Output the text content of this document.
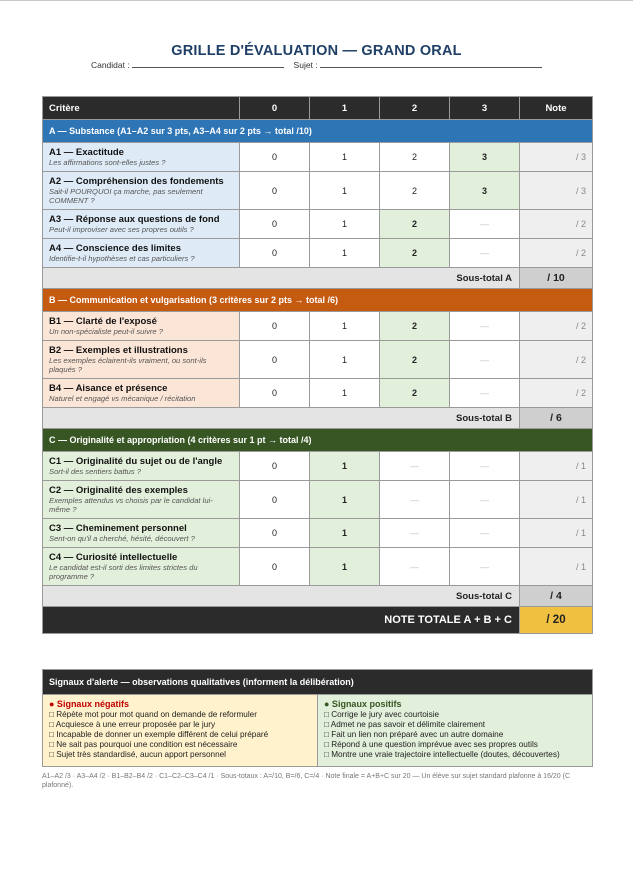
GRILLE D'ÉVALUATION — GRAND ORAL
Candidat :	Sujet :
Critère	0	1	2	3	Note
A — Substance (A1–A2 sur 3 pts, A3–A4 sur 2 pts → total /10)					

A1 — Exactitude
Les affirmations sont-elles justes ?	0	1	2	3	/ 3

A2 — Compréhension des fondements
Sait-il POURQUOI ça marche, pas seulement COMMENT ?	0	1	2	3	/ 3

A3 — Réponse aux questions de fond
Peut-il improviser avec ses propres outils ?	0	1	2	—	/ 2

A4 — Conscience des limites
Identifie-t-il hypothèses et cas particuliers ?	0	1	2	—	/ 2
Sous-total A					/ 10
B — Communication et vulgarisation (3 critères sur 2 pts → total /6)					

B1 — Clarté de l'exposé
Un non-spécialiste peut-il suivre ?	0	1	2	—	/ 2

B2 — Exemples et illustrations
Les exemples éclairent-ils vraiment, ou sont-ils plaqués ?	0	1	2	—	/ 2

B4 — Aisance et présence
Naturel et engagé vs mécanique / récitation	0	1	2	—	/ 2
Sous-total B					/ 6
C — Originalité et appropriation (4 critères sur 1 pt → total /4)					

C1 — Originalité du sujet ou de l'angle
Sort-il des sentiers battus ?	0	1	—	—	/ 1

C2 — Originalité des exemples
Exemples attendus vs choisis par le candidat lui-même ?	0	1	—	—	/ 1

C3 — Cheminement personnel
Sent-on qu'il a cherché, hésité, découvert ?	0	1	—	—	/ 1

C4 — Curiosité intellectuelle
Le candidat est-il sorti des limites strictes du programme ?	0	1	—	—	/ 1
Sous-total C					/ 4
NOTE TOTALE A + B + C					/ 20
Signaux d'alerte — observations qualitatives (informent la délibération)

● Signaux négatifs
□ Répète mot pour mot quand on demande de reformuler
□ Acquiesce à une erreur proposée par le jury
□ Incapable de donner un exemple différent de celui préparé
□ Ne sait pas pourquoi une condition est nécessaire
□ Sujet très standardisé, aucun apport personnel

● Signaux positifs
□ Corrige le jury avec courtoisie
□ Admet ne pas savoir et délimite clairement
□ Fait un lien non préparé avec un autre domaine
□ Répond à une question imprévue avec ses propres outils
□ Montre une vraie trajectoire intellectuelle (doutes, découvertes)
A1–A2 /3 · A3–A4 /2 · B1–B2–B4 /2 · C1–C2–C3–C4 /1 · Sous-totaux : A=/10, B=/6, C=/4 · Note finale = A+B+C sur 20 — Un élève sur sujet standard plafonne à 16/20 (C plafonné).
